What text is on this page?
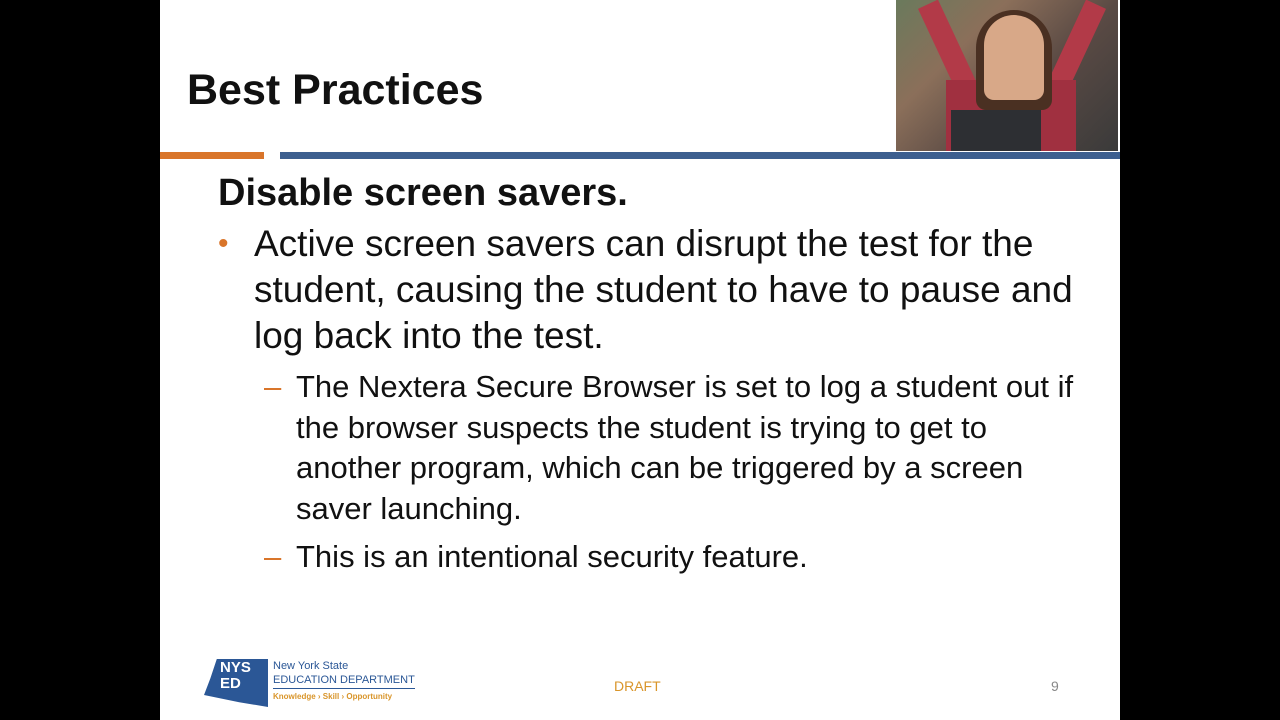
Best Practices
Disable screen savers.
• Active screen savers can disrupt the test for the student, causing the student to have to pause and log back into the test.
– The Nextera Secure Browser is set to log a student out if the browser suspects the student is trying to get to another program, which can be triggered by a screen saver launching.
– This is an intentional security feature.
NYS
ED
New York State
EDUCATION DEPARTMENT
Knowledge › Skill › Opportunity
DRAFT	9
